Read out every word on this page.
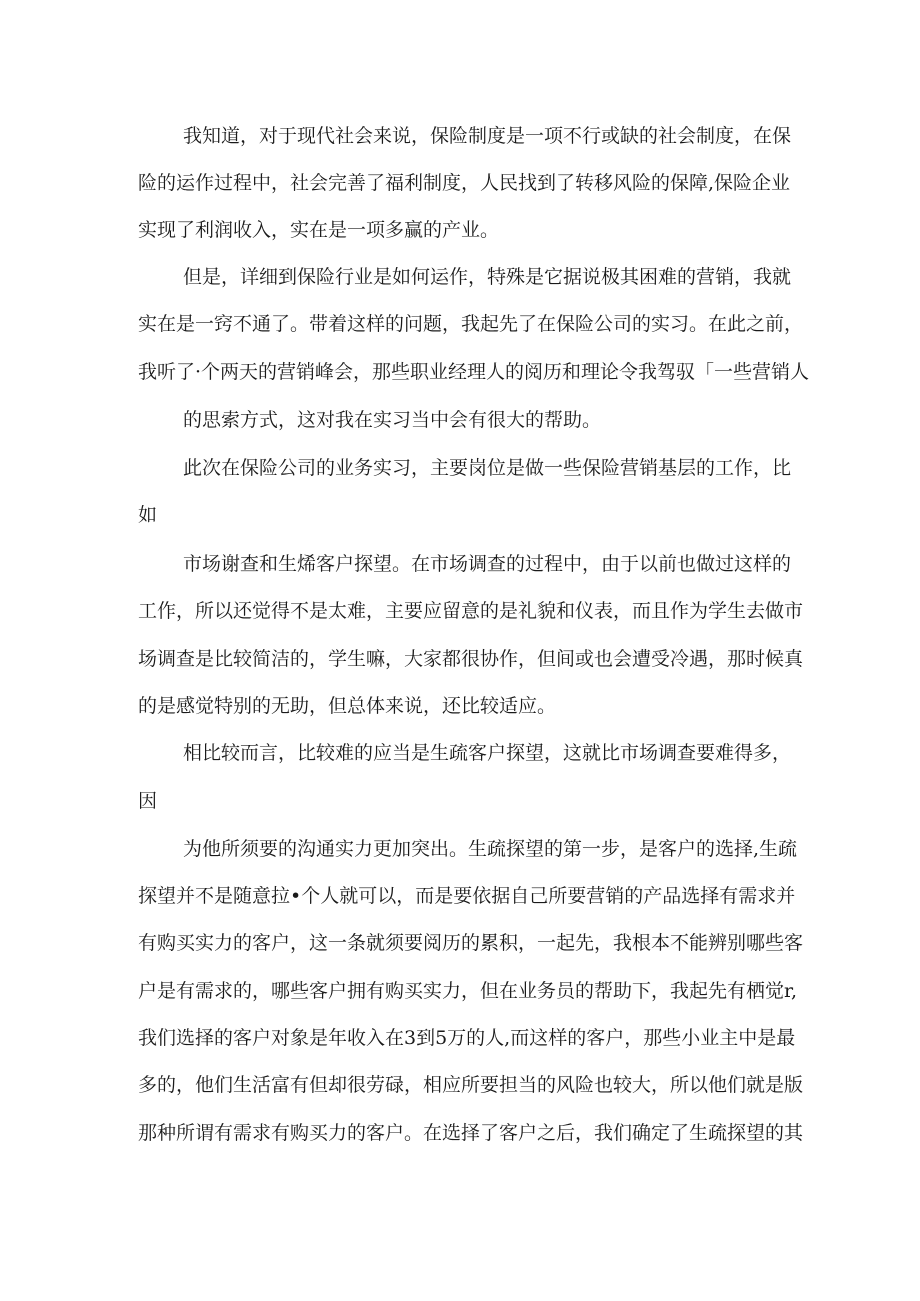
我知道，对于现代社会来说，保险制度是一项不行或缺的社会制度，在保

险的运作过程中，社会完善了福利制度，人民找到了转移风险的保障,保险企业

实现了利润收入，实在是一项多赢的产业。

但是，详细到保险行业是如何运作，特殊是它据说极其困难的营销，我就

实在是一窍不通了。带着这样的问题，我起先了在保险公司的实习。在此之前，

我听了·个两天的营销峰会，那些职业经理人的阅历和理论令我驾驭「一些营销人

的思索方式，这对我在实习当中会有很大的帮助。

此次在保险公司的业务实习，主要岗位是做一些保险营销基层的工作，比

如

市场谢查和生烯客户探望。在市场调查的过程中，由于以前也做过这样的

工作，所以还觉得不是太难，主要应留意的是礼貌和仪表，而且作为学生去做市

场调查是比较简洁的，学生嘛，大家都很协作，但间或也会遭受冷遇，那时候真

的是感觉特别的无助，但总体来说，还比较适应。

相比较而言，比较难的应当是生疏客户探望，这就比市场调查要难得多，

因

为他所须要的沟通实力更加突出。生疏探望的第一步，是客户的选择,生疏

探望并不是随意拉•个人就可以，而是要依据自己所要营销的产品选择有需求并

有购买实力的客户，这一条就须要阅历的累积，一起先，我根本不能辨别哪些客

户是有需求的，哪些客户拥有购买实力，但在业务员的帮助下，我起先有栖觉r,

我们选择的客户对象是年收入在3到5万的人,而这样的客户，那些小业主中是最

多的，他们生活富有但却很劳碌，相应所要担当的风险也较大，所以他们就是版

那种所谓有需求有购买力的客户。在选择了客户之后，我们确定了生疏探望的其
